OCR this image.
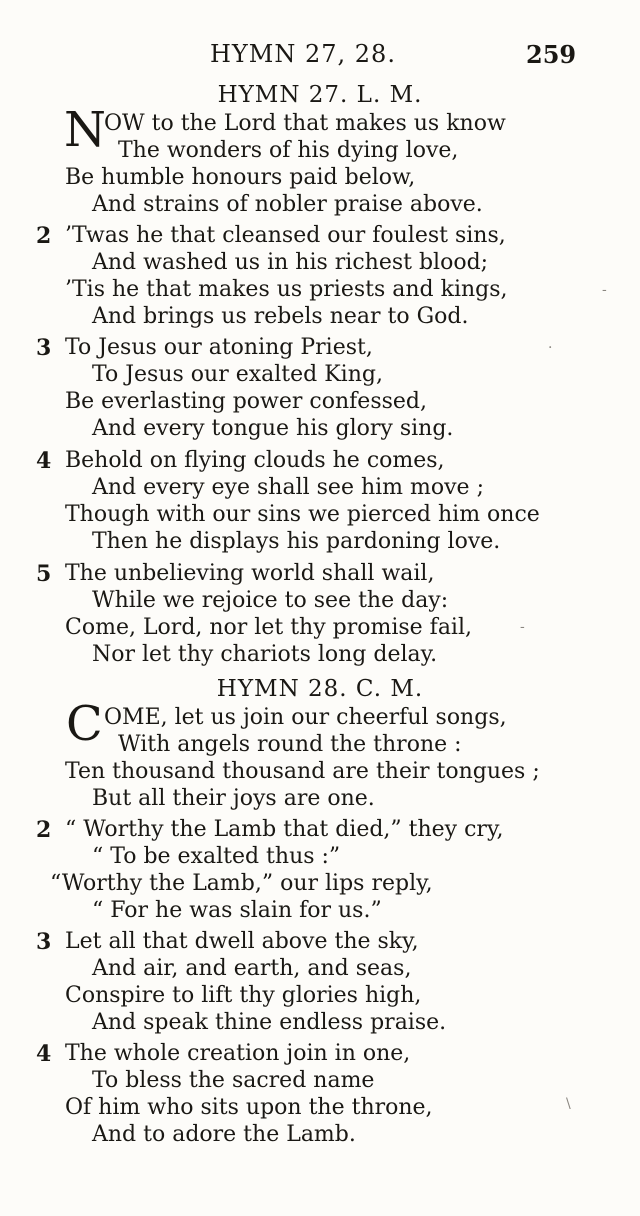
HYMN 27, 28.	259
HYMN 27. L. M.
N
OW to the Lord that makes us know
The wonders of his dying love,
Be humble honours paid below,
And strains of nobler praise above.
2 ’Twas he that cleansed our foulest sins,
And washed us in his richest blood;
’Tis he that makes us priests and kings,
And brings us rebels near to God.
3 To Jesus our atoning Priest,
To Jesus our exalted King,
Be everlasting power confessed,
And every tongue his glory sing.
4 Behold on flying clouds he comes,
And every eye shall see him move ;
Though with our sins we pierced him once
Then he displays his pardoning love.
5 The unbelieving world shall wail,
While we rejoice to see the day:
Come, Lord, nor let thy promise fail,
Nor let thy chariots long delay.
HYMN 28. C. M.
C OME, let us join our cheerful songs,
With angels round the throne :
Ten thousand thousand are their tongues ;
But all their joys are one.
2 “ Worthy the Lamb that died,” they cry,
“ To be exalted thus :”
“Worthy the Lamb,” our lips reply,
“ For he was slain for us.”
3 Let all that dwell above the sky,
And air, and earth, and seas,
Conspire to lift thy glories high,
And speak thine endless praise.
4 The whole creation join in one,
To bless the sacred name
Of him who sits upon the throne,
And to adore the Lamb.
-
·
-
\
